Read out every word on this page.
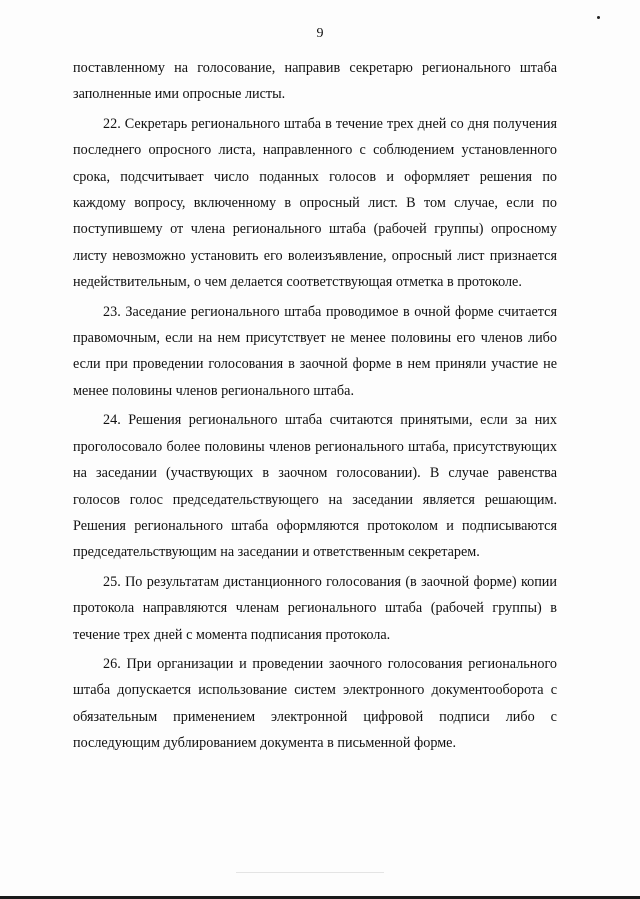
9

поставленному на голосование, направив секретарю регионального штаба заполненные ими опросные листы.

22. Секретарь регионального штаба в течение трех дней со дня получения последнего опросного листа, направленного с соблюдением установленного срока, подсчитывает число поданных голосов и оформляет решения по каждому вопросу, включенному в опросный лист. В том случае, если по поступившему от члена регионального штаба (рабочей группы) опросному листу невозможно установить его волеизъявление, опросный лист признается недействительным, о чем делается соответствующая отметка в протоколе.

23. Заседание регионального штаба проводимое в очной форме считается правомочным, если на нем присутствует не менее половины его членов либо если при проведении голосования в заочной форме в нем приняли участие не менее половины членов регионального штаба.

24. Решения регионального штаба считаются принятыми, если за них проголосовало более половины членов регионального штаба, присутствующих на заседании (участвующих в заочном голосовании). В случае равенства голосов голос председательствующего на заседании является решающим. Решения регионального штаба оформляются протоколом и подписываются председательствующим на заседании и ответственным секретарем.

25. По результатам дистанционного голосования (в заочной форме) копии протокола направляются членам регионального штаба (рабочей группы) в течение трех дней с момента подписания протокола.

26. При организации и проведении заочного голосования регионального штаба допускается использование систем электронного документооборота с обязательным применением электронной цифровой подписи либо с последующим дублированием документа в письменной форме.
